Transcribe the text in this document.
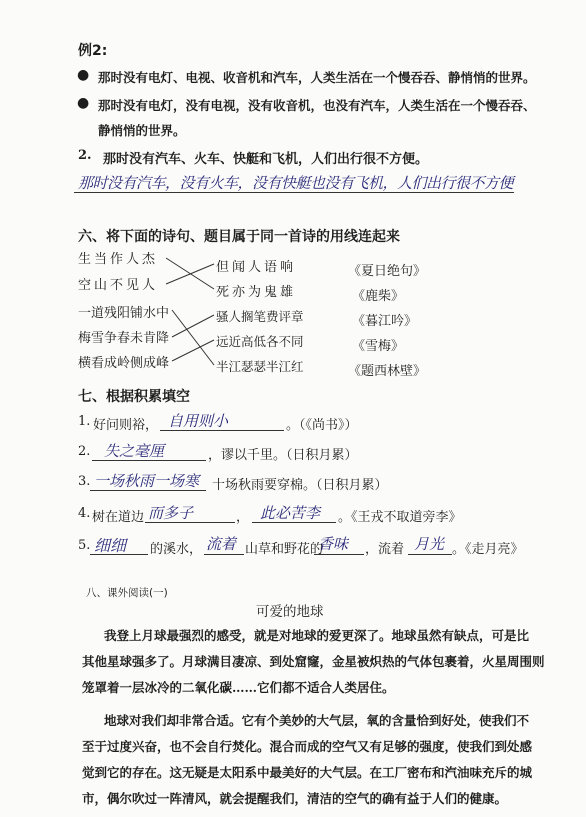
例2:
● 那时没有电灯、电视、收音机和汽车，人类生活在一个慢吞吞、静悄悄的世界。
● 那时没有电灯，没有电视，没有收音机，也没有汽车，人类生活在一个慢吞吞、
静悄悄的世界。
2. 那时没有汽车、火车、快艇和飞机，人们出行很不方便。
那时没有汽车，没有火车，没有快艇也没有飞机，人们出行很不方便
六、将下面的诗句、题目属于同一首诗的用线连起来
生当作人杰
空山不见人
一道残阳铺水中
梅雪争春未肯降
横看成岭侧成峰
但闻人语响
死亦为鬼雄
骚人搁笔费评章
远近高低各不同
半江瑟瑟半江红
《夏日绝句》
《鹿柴》
《暮江吟》
《雪梅》
《题西林壁》
七、根据积累填空
1. 好问则裕， 自用则小	。（《尚书》）
2. 失之毫厘	，谬以千里。（日积月累）
3. 一场秋雨一场寒 十场秋雨要穿棉。（日积月累）
4. 树在道边 而多子	， 此必苦李 。《王戎不取道旁李》
5. 细细 的溪水， 流着 山草和野花的
香味 ，流着 月光 。《走月亮》
八、课外阅读(一)
可爱的地球
我登上月球最强烈的感受，就是对地球的爱更深了。地球虽然有缺点，可是比
其他星球强多了。月球满目凄凉、到处窟窿，金星被炽热的气体包裹着，火星周围则
笼罩着一层冰冷的二氧化碳……它们都不适合人类居住。
地球对我们却非常合适。它有个美妙的大气层，氧的含量恰到好处，使我们不
至于过度兴奋，也不会自行焚化。混合而成的空气又有足够的强度，使我们到处感
觉到它的存在。这无疑是太阳系中最美好的大气层。在工厂密布和汽油味充斥的城
市，偶尔吹过一阵清风，就会提醒我们，清洁的空气的确有益于人们的健康。
